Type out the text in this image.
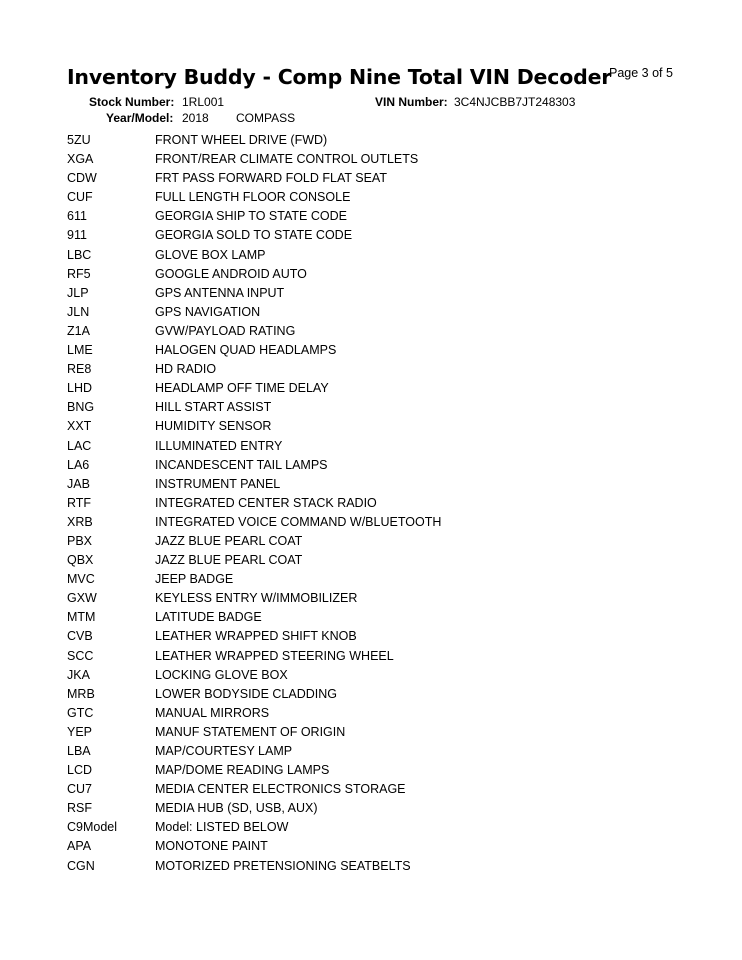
Inventory Buddy - Comp Nine Total VIN Decoder
Page 3 of 5
Stock Number: 1RL001	VIN Number: 3C4NJCBB7JT248303
Year/Model: 2018 COMPASS
5ZU	FRONT WHEEL DRIVE (FWD)
XGA	FRONT/REAR CLIMATE CONTROL OUTLETS
CDW	FRT PASS FORWARD FOLD FLAT SEAT
CUF	FULL LENGTH FLOOR CONSOLE
611	GEORGIA SHIP TO STATE CODE
911	GEORGIA SOLD TO STATE CODE
LBC	GLOVE BOX LAMP
RF5	GOOGLE ANDROID AUTO
JLP	GPS ANTENNA INPUT
JLN	GPS NAVIGATION
Z1A	GVW/PAYLOAD RATING
LME	HALOGEN QUAD HEADLAMPS
RE8	HD RADIO
LHD	HEADLAMP OFF TIME DELAY
BNG	HILL START ASSIST
XXT	HUMIDITY SENSOR
LAC	ILLUMINATED ENTRY
LA6	INCANDESCENT TAIL LAMPS
JAB	INSTRUMENT PANEL
RTF	INTEGRATED CENTER STACK RADIO
XRB	INTEGRATED VOICE COMMAND W/BLUETOOTH
PBX	JAZZ BLUE PEARL COAT
QBX	JAZZ BLUE PEARL COAT
MVC	JEEP BADGE
GXW	KEYLESS ENTRY W/IMMOBILIZER
MTM	LATITUDE BADGE
CVB	LEATHER WRAPPED SHIFT KNOB
SCC	LEATHER WRAPPED STEERING WHEEL
JKA	LOCKING GLOVE BOX
MRB	LOWER BODYSIDE CLADDING
GTC	MANUAL MIRRORS
YEP	MANUF STATEMENT OF ORIGIN
LBA	MAP/COURTESY LAMP
LCD	MAP/DOME READING LAMPS
CU7	MEDIA CENTER ELECTRONICS STORAGE
RSF	MEDIA HUB (SD, USB, AUX)
C9Model	Model: LISTED BELOW
APA	MONOTONE PAINT
CGN	MOTORIZED PRETENSIONING SEATBELTS
